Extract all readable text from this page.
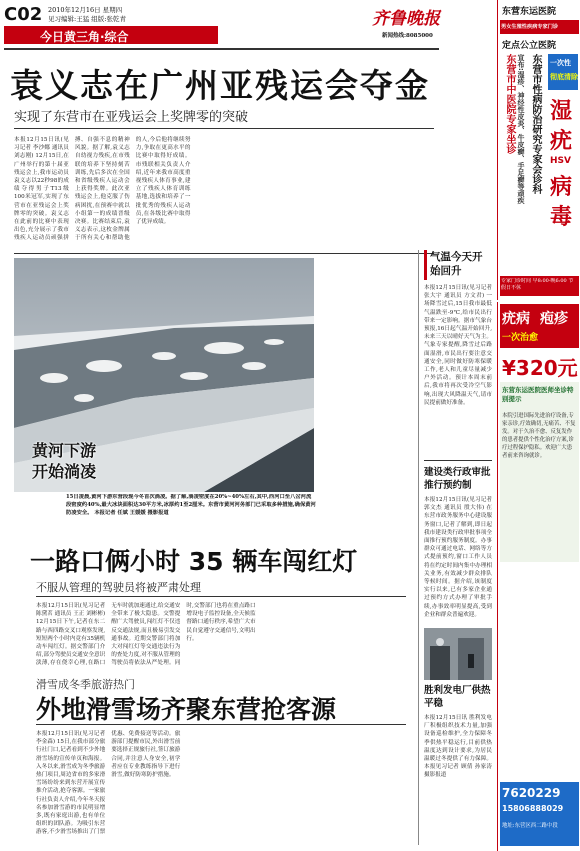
C02 2010年12月16日 星期四
见习编辑:王猛 组版:张乾青	齐鲁晚报
新闻热线:8085000
今日黄三角·综合
袁义志在广州亚残运会夺金
实现了东营市在亚残运会上奖牌零的突破
本报12月15日讯(见习记者 李沙娜 通讯员 刘志刚) 12月15日,在广州举行的第十届亚残运会上,我市运动员袁义志以22秒98的成绩夺得男子T13级100米冠军,实现了东营市在亚残运会上奖牌零的突破。袁义志在此前的比赛中表现出色,充分展示了我市残疾人运动员顽强拼搏、自强不息的精神风貌。据了解,袁义志自幼视力残疾,在市残联的培养下坚持刻苦训练,先后多次在全国和省级残疾人运动会上获得奖牌。此次亚残运会上,他克服了伤病困扰,在预赛中就以小组第一的成绩晋级决赛。比赛结束后,袁义志表示,这枚金牌属于所有关心和帮助他的人,今后他将继续努力,争取在更高水平的比赛中取得好成绩。市残联相关负责人介绍,近年来我市高度重视残疾人体育事业,建立了残疾人体育训练基地,选拔和培养了一批优秀的残疾人运动员,在各级比赛中取得了优异成绩。
黄河下游
开始淌凌
15日凌晨,黄河下游东营段现今冬首次淌凌。据了解,淌凌密度在20%~40%左右,其中,西河口至八岔河流段密度约40%,最大冰块面积达30平方米,冰厚约1至2厘米。东营市黄河河务部门已采取多种措施,确保黄河防凌安全。 本报记者 任斌 王媛媛 摄影报道
一路口俩小时 35 辆车闯红灯
不服从管理的驾驶员将被严肃处理
本报12月15日讯(见习记者 陈黛茗 通讯员 王正 刘彬彬) 12月15日下午,记者在东二路与西四路交叉口观察发现,短短两个小时内竟有35辆机动车闯红灯。据交警部门介绍,部分驾驶员交通安全意识淡薄,存在侥幸心理,在路口无车时就加速通过,给交通安全带来了极大隐患。交警提醒广大驾驶员,闯红灯不仅违反交通法规,而且极易引发交通事故。近期交警部门将加大对闯红灯等交通违法行为的查处力度,对不服从管理的驾驶员将依法从严处理。同时,交警部门也将在重点路口增设电子监控设备,全天候监督路口通行秩序,希望广大市民自觉遵守交通信号,文明出行。
滑雪成冬季旅游热门
外地滑雪场齐聚东营抢客源
本报12月15日讯(见习记者 李金森) 15日,在我市部分旅行社门口,记者看到不少外地滑雪场的宣传单页和海报。入冬以来,滑雪成为冬季旅游热门项目,周边省市的多家滑雪场纷纷来到东营开展宣传推介活动,抢夺客源。一家旅行社负责人介绍,今年冬天报名参加滑雪游的市民明显增多,既有家庭出游,也有单位组织的团队游。为吸引东营游客,不少滑雪场推出了门票优惠、免费接送等活动。旅游部门提醒市民,外出滑雪前要选择正规旅行社,签订旅游合同,并注意人身安全,初学者应在专业教练指导下进行滑雪,做好防寒防护措施。
气温今天开始回升
本报12月15日讯(见习记者 张大宇 通讯员 方文君) 一场降雪过后,15日我市最低气温跌至-9℃,给市民出行带来一定影响。据市气象台预报,16日起气温开始回升,未来三天以晴好天气为主。气象专家提醒,降雪过后路面湿滑,市民出行要注意交通安全,同时做好防寒保暖工作,老人和儿童尽量减少户外活动。预计本周末前后,我市将再次受冷空气影响,出现大风降温天气,请市民提前做好准备。
建设类行政审批推行预约制
本报12月15日讯(见习记者 郭文杰 通讯员 殷大伟) 在东营市政务服务中心建设服务窗口,记者了解到,即日起我市建设类行政审批事项全面推行预约服务制度。办事群众可通过电话、网络等方式提前预约,窗口工作人员将在约定时间内集中办理相关业务,有效减少群众排队等候时间。据介绍,该制度实行以来,已有多家企业通过预约方式办理了审批手续,办事效率明显提高,受到企业和群众普遍欢迎。
胜利发电厂供热平稳
本报12月15日讯 胜利发电厂积极组织技术力量,加强设备巡检维护,全力保障冬季供热平稳运行,目前供热温度达到设计要求,为居民温暖过冬提供了有力保障。 本报见习记者 顾倩 孙家涛 摄影报道
东营东运医院
男女生殖性疾病专家门诊
定点公立医院
东营市中医院专家坐诊 宣布:湿疹、神经性皮炎、牛皮癣、手足癣等顽疾 东营市性病防治研究专家会诊科 一次性
彻底清除
湿
疣
HSV
病
毒
专家门诊时间 早8:00-晚6:00 节假日不休
疣病 疱疹
一次治愈
¥320元
东营东运医院医师坐诊特别提示
本院引进国际先进治疗设备,专家亲诊,疗效确切,无痛苦、不复发。对于久治不愈、反复发作的患者提供个性化治疗方案,诊疗过程保护隐私。欢迎广大患者前来咨询就诊。
7620229
15806888029
地址:东营区西二路中段
